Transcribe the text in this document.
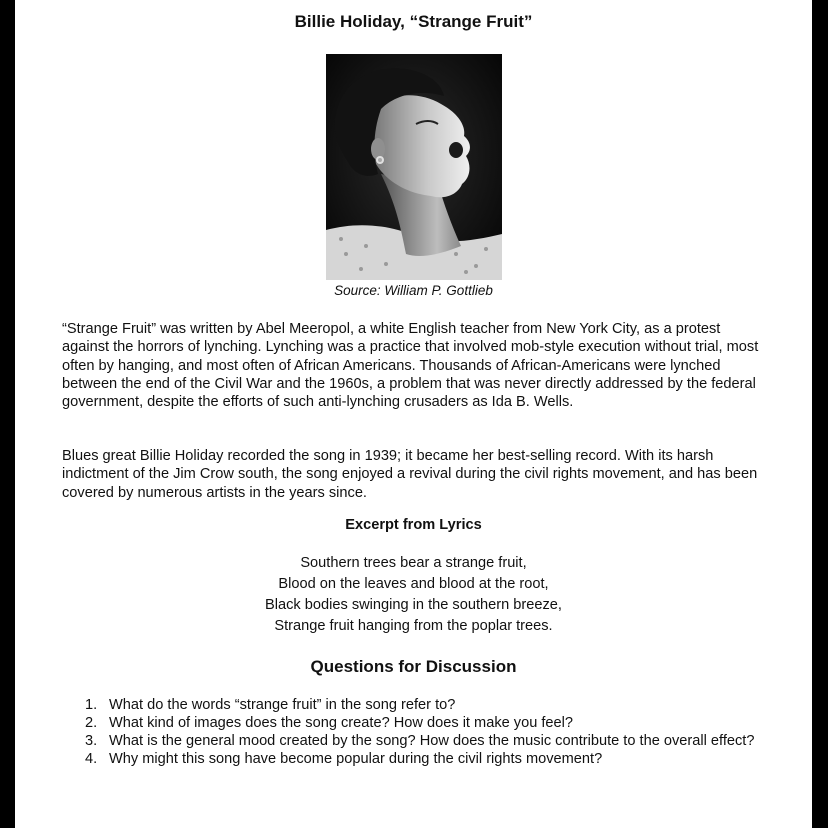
Billie Holiday, “Strange Fruit”
Source: William P. Gottlieb

“Strange Fruit” was written by Abel Meeropol, a white English teacher from New York City, as a protest against the horrors of lynching. Lynching was a practice that involved mob-style execution without trial, most often by hanging, and most often of African Americans. Thousands of African-Americans were lynched between the end of the Civil War and the 1960s, a problem that was never directly addressed by the federal government, despite the efforts of such anti-lynching crusaders as Ida B. Wells.

Blues great Billie Holiday recorded the song in 1939; it became her best-selling record. With its harsh indictment of the Jim Crow south, the song enjoyed a revival during the civil rights movement, and has been covered by numerous artists in the years since.

Excerpt from Lyrics
Southern trees bear a strange fruit,
Blood on the leaves and blood at the root,
Black bodies swinging in the southern breeze,
Strange fruit hanging from the poplar trees.
Questions for Discussion
1. What do the words “strange fruit” in the song refer to?
2. What kind of images does the song create? How does it make you feel?
3. What is the general mood created by the song? How does the music contribute to the overall effect?
4. Why might this song have become popular during the civil rights movement?
